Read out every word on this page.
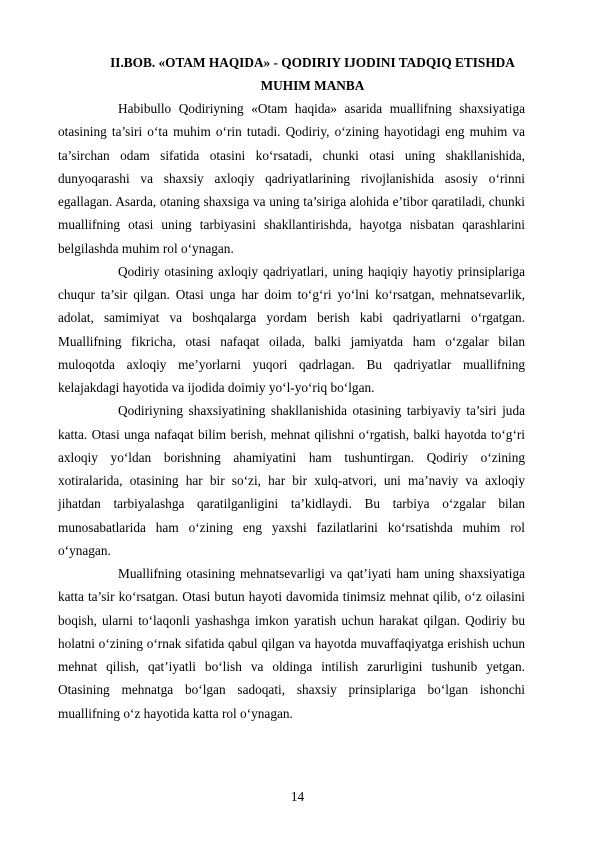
II.BOB. «OTAM HAQIDA» - QODIRIY IJODINI TADQIQ ETISHDA
MUHIM MANBA

Habibullo Qodiriyning «Otam haqida» asarida muallifning shaxsiyatiga otasining ta’siri o‘ta muhim o‘rin tutadi. Qodiriy, o‘zining hayotidagi eng muhim va ta’sirchan odam sifatida otasini ko‘rsatadi, chunki otasi uning shakllanishida, dunyoqarashi va shaxsiy axloqiy qadriyatlarining rivojlanishida asosiy o‘rinni egallagan. Asarda, otaning shaxsiga va uning ta’siriga alohida e’tibor qaratiladi, chunki muallifning otasi uning tarbiyasini shakllantirishda, hayotga nisbatan qarashlarini belgilashda muhim rol o‘ynagan.

Qodiriy otasining axloqiy qadriyatlari, uning haqiqiy hayotiy prinsiplariga chuqur ta’sir qilgan. Otasi unga har doim to‘g‘ri yo‘lni ko‘rsatgan, mehnatsevarlik, adolat, samimiyat va boshqalarga yordam berish kabi qadriyatlarni o‘rgatgan. Muallifning fikricha, otasi nafaqat oilada, balki jamiyatda ham o‘zgalar bilan muloqotda axloqiy me’yorlarni yuqori qadrlagan. Bu qadriyatlar muallifning kelajakdagi hayotida va ijodida doimiy yo‘l-yo‘riq bo‘lgan.

Qodiriyning shaxsiyatining shakllanishida otasining tarbiyaviy ta’siri juda katta. Otasi unga nafaqat bilim berish, mehnat qilishni o‘rgatish, balki hayotda to‘g‘ri axloqiy yo‘ldan borishning ahamiyatini ham tushuntirgan. Qodiriy o‘zining xotiralarida, otasining har bir so‘zi, har bir xulq-atvori, uni ma’naviy va axloqiy jihatdan tarbiyalashga qaratilganligini ta’kidlaydi. Bu tarbiya o‘zgalar bilan munosabatlarida ham o‘zining eng yaxshi fazilatlarini ko‘rsatishda muhim rol o‘ynagan.

Muallifning otasining mehnatsevarligi va qat’iyati ham uning shaxsiyatiga katta ta’sir ko‘rsatgan. Otasi butun hayoti davomida tinimsiz mehnat qilib, o‘z oilasini boqish, ularni to‘laqonli yashashga imkon yaratish uchun harakat qilgan. Qodiriy bu holatni o‘zining o‘rnak sifatida qabul qilgan va hayotda muvaffaqiyatga erishish uchun mehnat qilish, qat’iyatli bo‘lish va oldinga intilish zarurligini tushunib yetgan. Otasining mehnatga bo‘lgan sadoqati, shaxsiy prinsiplariga bo‘lgan ishonchi muallifning o‘z hayotida katta rol o‘ynagan.

14
